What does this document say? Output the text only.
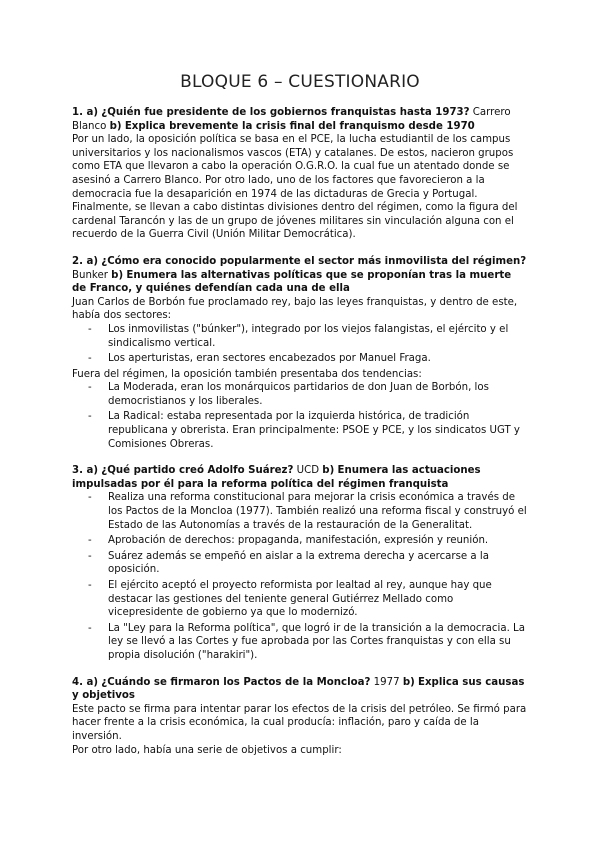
BLOQUE 6 – CUESTIONARIO

1. a) ¿Quién fue presidente de los gobiernos franquistas hasta 1973? Carrero Blanco b) Explica brevemente la crisis final del franquismo desde 1970

Por un lado, la oposición política se basa en el PCE, la lucha estudiantil de los campus universitarios y los nacionalismos vascos (ETA) y catalanes. De estos, nacieron grupos como ETA que llevaron a cabo la operación O.G.R.O. la cual fue un atentado donde se asesinó a Carrero Blanco. Por otro lado, uno de los factores que favorecieron a la democracia fue la desaparición en 1974 de las dictaduras de Grecia y Portugal. Finalmente, se llevan a cabo distintas divisiones dentro del régimen, como la figura del cardenal Tarancón y las de un grupo de jóvenes militares sin vinculación alguna con el recuerdo de la Guerra Civil (Unión Militar Democrática).

2. a) ¿Cómo era conocido popularmente el sector más inmovilista del régimen? Bunker b) Enumera las alternativas políticas que se proponían tras la muerte de Franco, y quiénes defendían cada una de ella

Juan Carlos de Borbón fue proclamado rey, bajo las leyes franquistas, y dentro de este, había dos sectores:

- Los inmovilistas ("búnker"), integrado por los viejos falangistas, el ejército y el sindicalismo vertical.
- Los aperturistas, eran sectores encabezados por Manuel Fraga.

Fuera del régimen, la oposición también presentaba dos tendencias:

- La Moderada, eran los monárquicos partidarios de don Juan de Borbón, los democristianos y los liberales.
- La Radical: estaba representada por la izquierda histórica, de tradición republicana y obrerista. Eran principalmente: PSOE y PCE, y los sindicatos UGT y Comisiones Obreras.

3. a) ¿Qué partido creó Adolfo Suárez? UCD b) Enumera las actuaciones impulsadas por él para la reforma política del régimen franquista

- Realiza una reforma constitucional para mejorar la crisis económica a través de los Pactos de la Moncloa (1977). También realizó una reforma fiscal y construyó el Estado de las Autonomías a través de la restauración de la Generalitat.
- Aprobación de derechos: propaganda, manifestación, expresión y reunión.
- Suárez además se empeñó en aislar a la extrema derecha y acercarse a la oposición.
- El ejército aceptó el proyecto reformista por lealtad al rey, aunque hay que destacar las gestiones del teniente general Gutiérrez Mellado como vicepresidente de gobierno ya que lo modernizó.
- La "Ley para la Reforma política", que logró ir de la transición a la democracia. La ley se llevó a las Cortes y fue aprobada por las Cortes franquistas y con ella su propia disolución ("harakiri").

4. a) ¿Cuándo se firmaron los Pactos de la Moncloa? 1977 b) Explica sus causas y objetivos

Este pacto se firma para intentar parar los efectos de la crisis del petróleo. Se firmó para hacer frente a la crisis económica, la cual producía: inflación, paro y caída de la inversión.

Por otro lado, había una serie de objetivos a cumplir:
